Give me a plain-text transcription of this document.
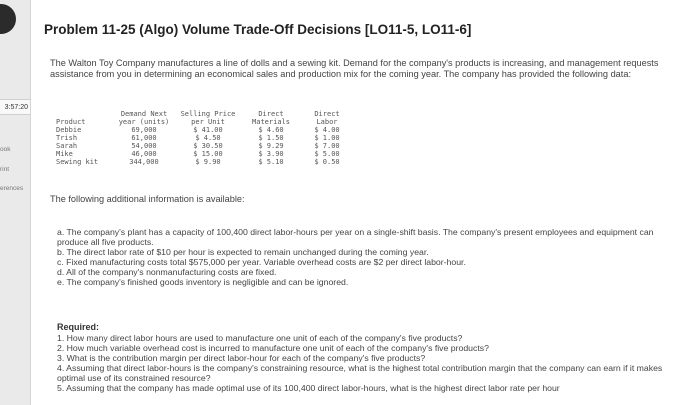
3:57:20
ook
rint
erences
Problem 11-25 (Algo) Volume Trade-Off Decisions [LO11-5, LO11-6]

The Walton Toy Company manufactures a line of dolls and a sewing kit. Demand for the company's products is increasing, and management requests assistance from you in determining an economical sales and production mix for the coming year. The company has provided the following data:

Product	Demand Next year (units)	Selling Price per Unit	Direct Materials	Direct Labor
Debbie	69,000	$ 41.00	$ 4.60	$ 4.00
Trish	61,000	$ 4.50	$ 1.50	$ 1.00
Sarah	54,000	$ 30.50	$ 9.29	$ 7.00
Mike	46,000	$ 15.00	$ 3.90	$ 5.00
Sewing kit	344,000	$ 9.90	$ 5.10	$ 0.50

The following additional information is available:

a. The company's plant has a capacity of 100,400 direct labor-hours per year on a single-shift basis. The company's present employees and equipment can produce all five products.
b. The direct labor rate of $10 per hour is expected to remain unchanged during the coming year.
c. Fixed manufacturing costs total $575,000 per year. Variable overhead costs are $2 per direct labor-hour.
d. All of the company's nonmanufacturing costs are fixed.
e. The company's finished goods inventory is negligible and can be ignored.

Required:

1. How many direct labor hours are used to manufacture one unit of each of the company's five products?
2. How much variable overhead cost is incurred to manufacture one unit of each of the company's five products?
3. What is the contribution margin per direct labor-hour for each of the company's five products?
4. Assuming that direct labor-hours is the company's constraining resource, what is the highest total contribution margin that the company can earn if it makes optimal use of its constrained resource?
5. Assuming that the company has made optimal use of its 100,400 direct labor-hours, what is the highest direct labor rate per hour
